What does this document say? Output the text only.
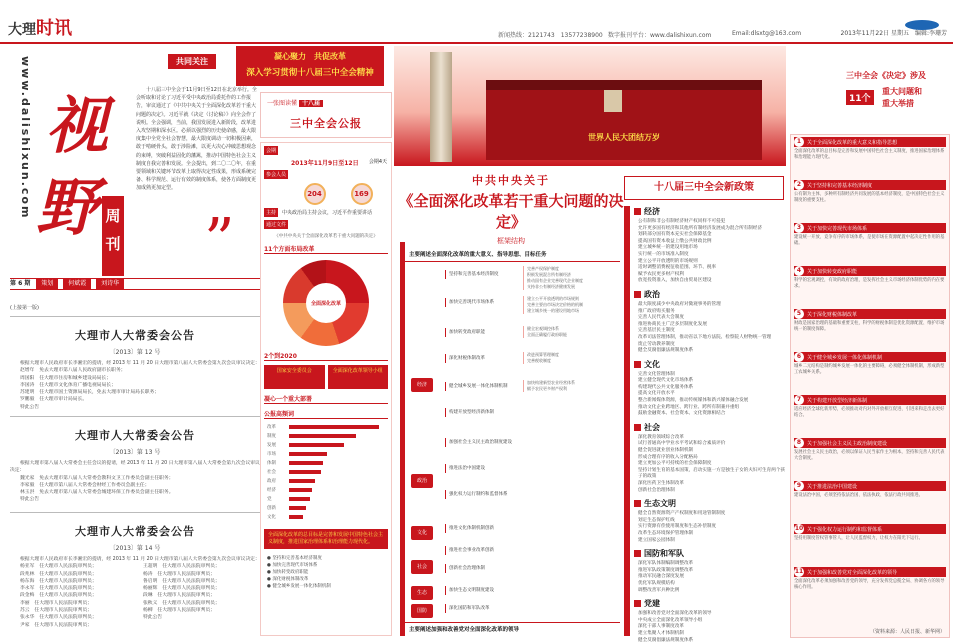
大理时讯	新闻热线：2121743　13577238900 数字报刊平台：www.dalishixun.com	Email:dlsxtg@163.com	2013年11月22日 星期五　编辑:李珊芳
www.dalishixun.com 视
野 周刊 ”
共同关注
十八届三中全会于11月9日至12日在北京举行。全会听取和讨论了习近平受中央政治局委托作的工作报告，审议通过了《中共中央关于全面深化改革若干重大问题的决定》。习近平就《决定（讨论稿）》向全会作了说明。全会强调，当前，我国发展进入新阶段，改革进入攻坚期和深水区。必须以强烈的历史使命感，最大限度集中全党全社会智慧，最大限度调动一切积极因素，敢于啃硬骨头，敢于涉险滩，以更大决心冲破思想观念的束缚，突破利益固化的藩篱，推动中国特色社会主义制度自我完善和发展。全会提出，到二〇二〇年，在重要领域和关键环节改革上取得决定性成果，形成系统完备、科学规范、运行有效的制度体系，使各方面制度更加成熟更加定型。
第 6 期 策划 何斌霞 刘诗华
(上接第一版)
大理市人大常委会公告
〔2013〕第 12 号

根据大理市人民政府市长李湘宏的提请，经 2013 年 11 月 20 日大理市第八届人大常委会第九次会议审议决定：

赵增年　免去大理市第八届人民政府副市长职务；
周国阳　任大理市住房和城乡建设局局长；
李国涛　任大理市文化体育广播电视局局长；
苏建明　任大理市国土资源局局长，免去大理市审计局局长职务；
罗鹏毅　任大理市审计局局长。
特此公告
大理市人大常委会公告
〔2013〕第 13 号

根据大理市第八届人大常委会主任会议的提请，经 2013 年 11 月 20 日大理市第八届人大常委会第九次会议审议决定：

魏光家　免去大理市第八届人大常委会教科文卫工作委员会副主任职务；
李家毅　任大理市第八届人大常委会财经工作委员会副主任；
林玉洪　免去大理市第八届人大常委会城建环保工作委员会副主任职务。
特此公告
大理市人大常委会公告
〔2013〕第 14 号

根据大理市人民政府市长李湘宏的提请，经 2013 年 11 月 20 日大理市第八届人大常委会第九次会议审议决定：

杨亚军　任大理市人民法院审判员；
段兆林　任大理市人民法院审判员；
杨东海　任大理市人民法院审判员；
李永军　任大理市人民法院审判员；
段金梅　任大理市人民法院审判员；
李丽　任大理市人民法院审判员；
苏云　任大理市人民法院审判员；
张永华　任大理市人民法院审判员；
尹家　任大理市人民法院审判员；
王超明　任大理市人民法院审判员；
杨涛　任大理市人民法院审判员；
鲁启明　任大理市人民法院审判员；
杨丽辉　任大理市人民法院审判员；
段琳　任大理市人民法院审判员；
张秋义　任大理市人民法院审判员；
杨柳　任大理市人民法院审判员；
特此公告
世界人民大团结万岁
凝心聚力　共促改革
深入学习贯彻十八届三中全会精神
一张图读懂 十八届
三中全会公报
会期
2013年11月9日至12日 会期4天
参会人员
204	169
主持	中央政治局主持会议，习近平作重要讲话
通过文件
《中共中央关于全面深化改革若干重大问题的决定》
11个方面布局改革
全面深化改革
2个到2020
国家安全委员会	全面深化改革领导小组
凝心一个重大部署
公报高频词
改革
制度
发展
市场
体制
社会
政府
经济
党
创新
文化
全面深化改革的总目标是完善和发展中国特色社会主义制度，推进国家治理体系和治理能力现代化。
● 坚持和完善基本经济制度
● 加快完善现代市场体系
● 加快转变政府职能
● 深化财税体制改革
● 健全城乡发展一体化体制机制
中共中央关于
《全面深化改革若干重大问题的决定》
框架结构
十八届三中全会新政策
主要阐述全面深化改革的重大意义、指导思想、目标任务
经济
政治
文化
社会
生态
国防
坚持和完善基本经济制度
加快完善现代市场体系
加快转变政府职能
深化财税体制改革
健全城乡发展一体化体制机制
构建开放型经济新体制
加强社会主义民主政治制度建设
推进法治中国建设
强化权力运行制约和监督体系
推进文化体制机制创新
推进社会事业改革创新
创新社会治理体制
加快生态文明制度建设
深化国防和军队改革
完善产权保护制度
积极发展混合所有制经济
推动国有企业完善现代企业制度
支持非公有制经济健康发展
建立公平开放透明的市场规则
完善主要由市场决定价格的机制
建立城乡统一的建设用地市场
健全宏观调控体系
全面正确履行政府职能
改进预算管理制度
完善税收制度
加快构建新型农业经营体系
赋予农民更多财产权利
主要阐述加强和改善党对全面深化改革的领导
经济
公有制和非公有制经济财产权同样不可侵犯
允许更多国有经济和其他所有制经济发展成为混合所有制经济
划转部分国有资本充实社会保障基金
提高国有资本收益上缴公共财政比例
建立城乡统一的建设用地市场
实行统一的市场准入制度
建立公平开放透明的市场规则
适时调整消费税征收范围、环节、税率
赋予农民更多财产权利
放宽投资准入，加快自由贸易区建设
政治
最大限度减少中央政府对微观事务的管理
推广政府购买服务
完善人民代表大会制度
推进协商民主广泛多层制度化发展
完善基层民主制度
改革司法管理体制，推动省以下地方法院、检察院人财物统一管理
废止劳动教养制度
健全反腐倡廉法规制度体系
文化
完善文化管理体制
建立健全现代文化市场体系
构建现代公共文化服务体系
提高文化开放水平
整合新闻媒体资源，推动传统媒体和新兴媒体融合发展
推动文化企业跨地区、跨行业、跨所有制兼并重组
鼓励金融资本、社会资本、文化资源相结合
社会
深化教育领域综合改革
试行普通高中学业水平考试和综合素质评价
健全促进就业创业体制机制
形成合理有序的收入分配格局
建立更加公平可持续的社会保障制度
坚持计划生育的基本国策，启动实施一方是独生子女的夫妇可生育两个孩子的政策
深化医药卫生体制改革
创新社会治理体制
生态文明
健全自然资源资产产权制度和用途管制制度
划定生态保护红线
实行资源有偿使用制度和生态补偿制度
改革生态环境保护管理体制
建立国家公园体制
国防和军队
深化军队体制编制调整改革
推进军队政策制度调整改革
推动军民融合深度发展
优化军队规模结构
调整改善军兵种比例
党建
加强和改善党对全面深化改革的领导
中央成立全面深化改革领导小组
深化干部人事制度改革
建立集聚人才体制机制
健全反腐倡廉法规制度体系
三中全会《决定》涉及
11个
重大问题和
重大举措
1	关于全面深化改革的重大意义和指导思想
全面深化改革的总目标是完善和发展中国特色社会主义制度，推进国家治理体系和治理能力现代化。
2	关于坚持和完善基本经济制度
公有制为主体、多种所有制经济共同发展的基本经济制度，是中国特色社会主义制度的重要支柱。
3	关于加快完善现代市场体系
建设统一开放、竞争有序的市场体系，是使市场在资源配置中起决定性作用的基础。
4	关于加快转变政府职能
科学的宏观调控，有效的政府治理，是发挥社会主义市场经济体制优势的内在要求。
5	关于深化财税体制改革
财政是国家治理的基础和重要支柱，科学的财税体制是优化资源配置、维护市场统一的制度保障。
6	关于健全城乡发展一体化体制机制
城乡二元结构是制约城乡发展一体化的主要障碍，必须健全体制机制，形成新型工农城乡关系。
7	关于构建开放型经济新体制
适应经济全球化新形势，必须推动对内对外开放相互促进、引进来和走出去更好结合。
8	关于加强社会主义民主政治制度建设
发展社会主义民主政治，必须以保证人民当家作主为根本，坚持和完善人民代表大会制度。
9	关于推进法治中国建设
建设法治中国，必须坚持依法治国、依法执政、依法行政共同推进。
10 关于强化权力运行制约和监督体系
坚持用制度管权管事管人，让人民监督权力，让权力在阳光下运行。
11 关于加强和改善党对全面深化改革的领导
全面深化改革必须加强和改善党的领导，充分发挥党总揽全局、协调各方的领导核心作用。
（资料来源：人民日报、新华网）
